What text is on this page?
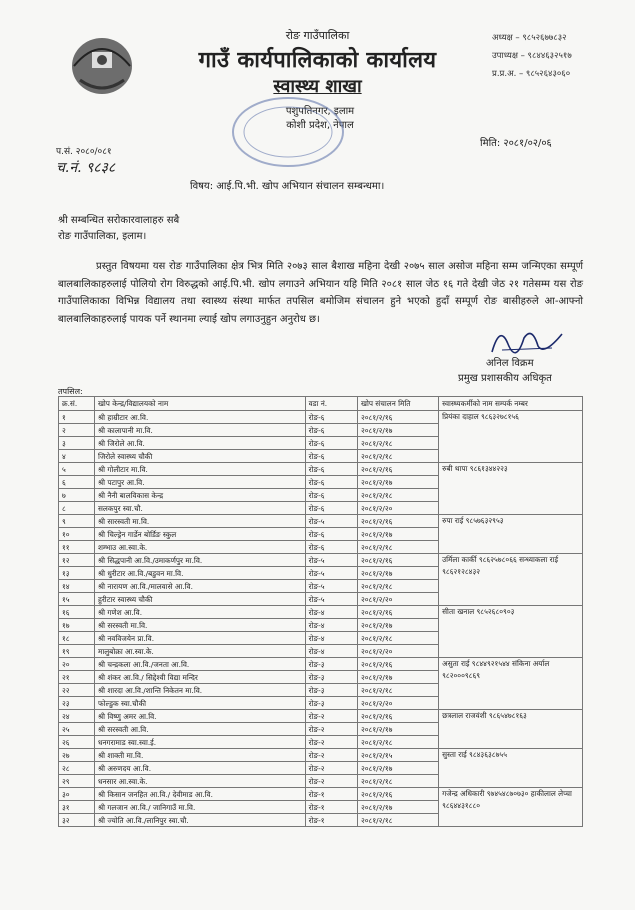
रोङ गाउँपालिका
गाउँ कार्यपालिकाको कार्यालय
स्वास्थ्य शाखा
पशुपतिनगर, इलाम
कोशी प्रदेश, नेपाल
अध्यक्ष – ९८५२६७७८३२
उपाध्यक्ष – ९८४४६३२५१७
प्र.प्र.अ. – ९८५२६४३०६०
प.सं. २०८०/०८१
च.नं. ९८३८
मिति: २०८१/०२/०६
विषय: आई.पि.भी. खोप अभियान संचालन सम्बन्धमा।
श्री सम्बन्धित सरोकारवालाहरु सबै
रोङ गाउँपालिका, इलाम।
प्रस्तुत विषयमा यस रोङ गाउँपालिका क्षेत्र भित्र मिति २०७३ साल बैशाख महिना देखी २०७५ साल असोज महिना सम्म जन्मिएका सम्पूर्ण बालबालिकाहरुलाई पोलियो रोग विरुद्धको आई.पि.भी. खोप लगाउने अभियान यहि मिति २०८१ साल जेठ १६ गते देखी जेठ २१ गतेसम्म यस रोङ गाउँपालिकाका विभिन्न विद्यालय तथा स्वास्थ्य संस्था मार्फत तपसिल बमोजिम संचालन हुने भएको हुदाँ सम्पूर्ण रोङ बासीहरुले आ-आफ्नो बालबालिकाहरुलाई पायक पर्ने स्थानमा ल्याई खोप लगाउनुहुन अनुरोध छ।
अनिल विक्रम
प्रमुख प्रशासकीय अधिकृत
तपसिल:
क्र.सं.	खोप केन्द्र/विद्यालयको नाम	वडा नं.	खोप संचालन मिति	स्वास्थ्यकर्मीको नाम सम्पर्क नम्बर
१	श्री हाम्रीटार आ.वि.	रोङ-६	२०८१/२/१६	प्रियंका दाहाल ९८६३२७८१५६
२	श्री कालापानी मा.वि.	रोङ-६	२०८१/२/१७	
३	श्री जिरोले आ.वि.	रोङ-६	२०८१/२/१८	
४	जिरोले स्वास्थ्य चौकी	रोङ-६	२०८१/२/१८	
५	श्री गोलीटार मा.वि.	रोङ-६	२०८१/२/१६	रुबी थापा ९८६१३४४२२३
६	श्री पटापुर आ.वि.	रोङ-६	२०८१/२/१७	
७	श्री नैनी बालविकास केन्द्र	रोङ-६	२०८१/२/१८	
८	सलकपुर स्वा.चौ.	रोङ-६	२०८१/२/२०	
९	श्री सारस्वती मा.वि.	रोङ-५	२०८१/२/१६	रुपा राई ९८५७६३२९५३
१०	श्री चिल्ड्रेन गार्डेन बोर्डिङ स्कुल	रोङ-६	२०८१/२/१७	
११	शम्भाउ आ.स्वा.के.	रोङ-६	२०८१/२/१८	
१२	श्री सिद्धपानी आ.वि./उमाकर्णपुर मा.वि.	रोङ-५	२०८१/२/१६	उर्मिला कार्की ९८६२५७८०६६ सन्ध्याकला राई ९८६२१२८४३२
१३	श्री धुरीटार आ.वि./बडुवन मा.वि.	रोङ-५	२०८१/२/१७	
१४	श्री नारायण आ.वि./मालवासे आ.वि.	रोङ-५	२०८१/२/१८	
१५	हुरीटार स्वास्थ्य चौकी	रोङ-५	२०८१/२/२०	
१६	श्री गणेश आ.वि.	रोङ-४	२०८१/२/१६	सीता खनाल ९८५२६८०९०३
१७	श्री सरस्वती मा.वि.	रोङ-४	२०८१/२/१७	
१८	श्री नवविजयेन प्रा.वि.	रोङ-४	२०८१/२/१८	
१९	मालुबोक्रा आ.स्वा.के.	रोङ-४	२०८१/२/२०	
२०	श्री चन्द्रकला आ.वि./जनता आ.वि.	रोङ-३	२०८१/२/१६	असुता राई ९८४४९२१५४४ संकिना अर्याल ९८२०००९८६९
२१	श्री शंकर आ.वि./ सिद्देश्वी विद्या मन्दिर	रोङ-३	२०८१/२/१७	
२२	श्री शारदा आ.वि./शान्ति निकेतन मा.वि.	रोङ-३	२०८१/२/१८	
२३	फोल्डुक स्वा.चौकी	रोङ-३	२०८१/२/२०	
२४	श्री विष्णु अमर आ.वि.	रोङ-२	२०८१/२/१६	छत्रलाल राजवंशी ९८६५४७८१६३
२५	श्री सरस्वती आ.वि.	रोङ-२	२०८१/२/१७	
२६	धनगरामाड स्वा.स्वा.ई.	रोङ-२	२०८१/२/१८	
२७	श्री शाक्ती मा.वि.	रोङ-२	२०८१/२/१५	सुस्ता राई ९८४३६३८७५५
२८	श्री अरुणदय आ.वि.	रोङ-२	२०८१/२/१७	
२९	धनसार आ.स्वा.के.	रोङ-२	२०८१/२/१८	
३०	श्री किसान जनहित आ.वि./ देवीमाड आ.वि.	रोङ-१	२०८१/२/१६	गजेन्द्र अधिकारी ९७४५४८७०७३० हाकीलाल लेप्चा ९८६४४३१८८०
३१	श्री गलजान आ.वि./ जानिगाउँ मा.वि.	रोङ-१	२०८१/२/१७	
३२	श्री ज्योति आ.वि./लानिपुर स्वा.चौ.	रोङ-१	२०८१/२/१८	
